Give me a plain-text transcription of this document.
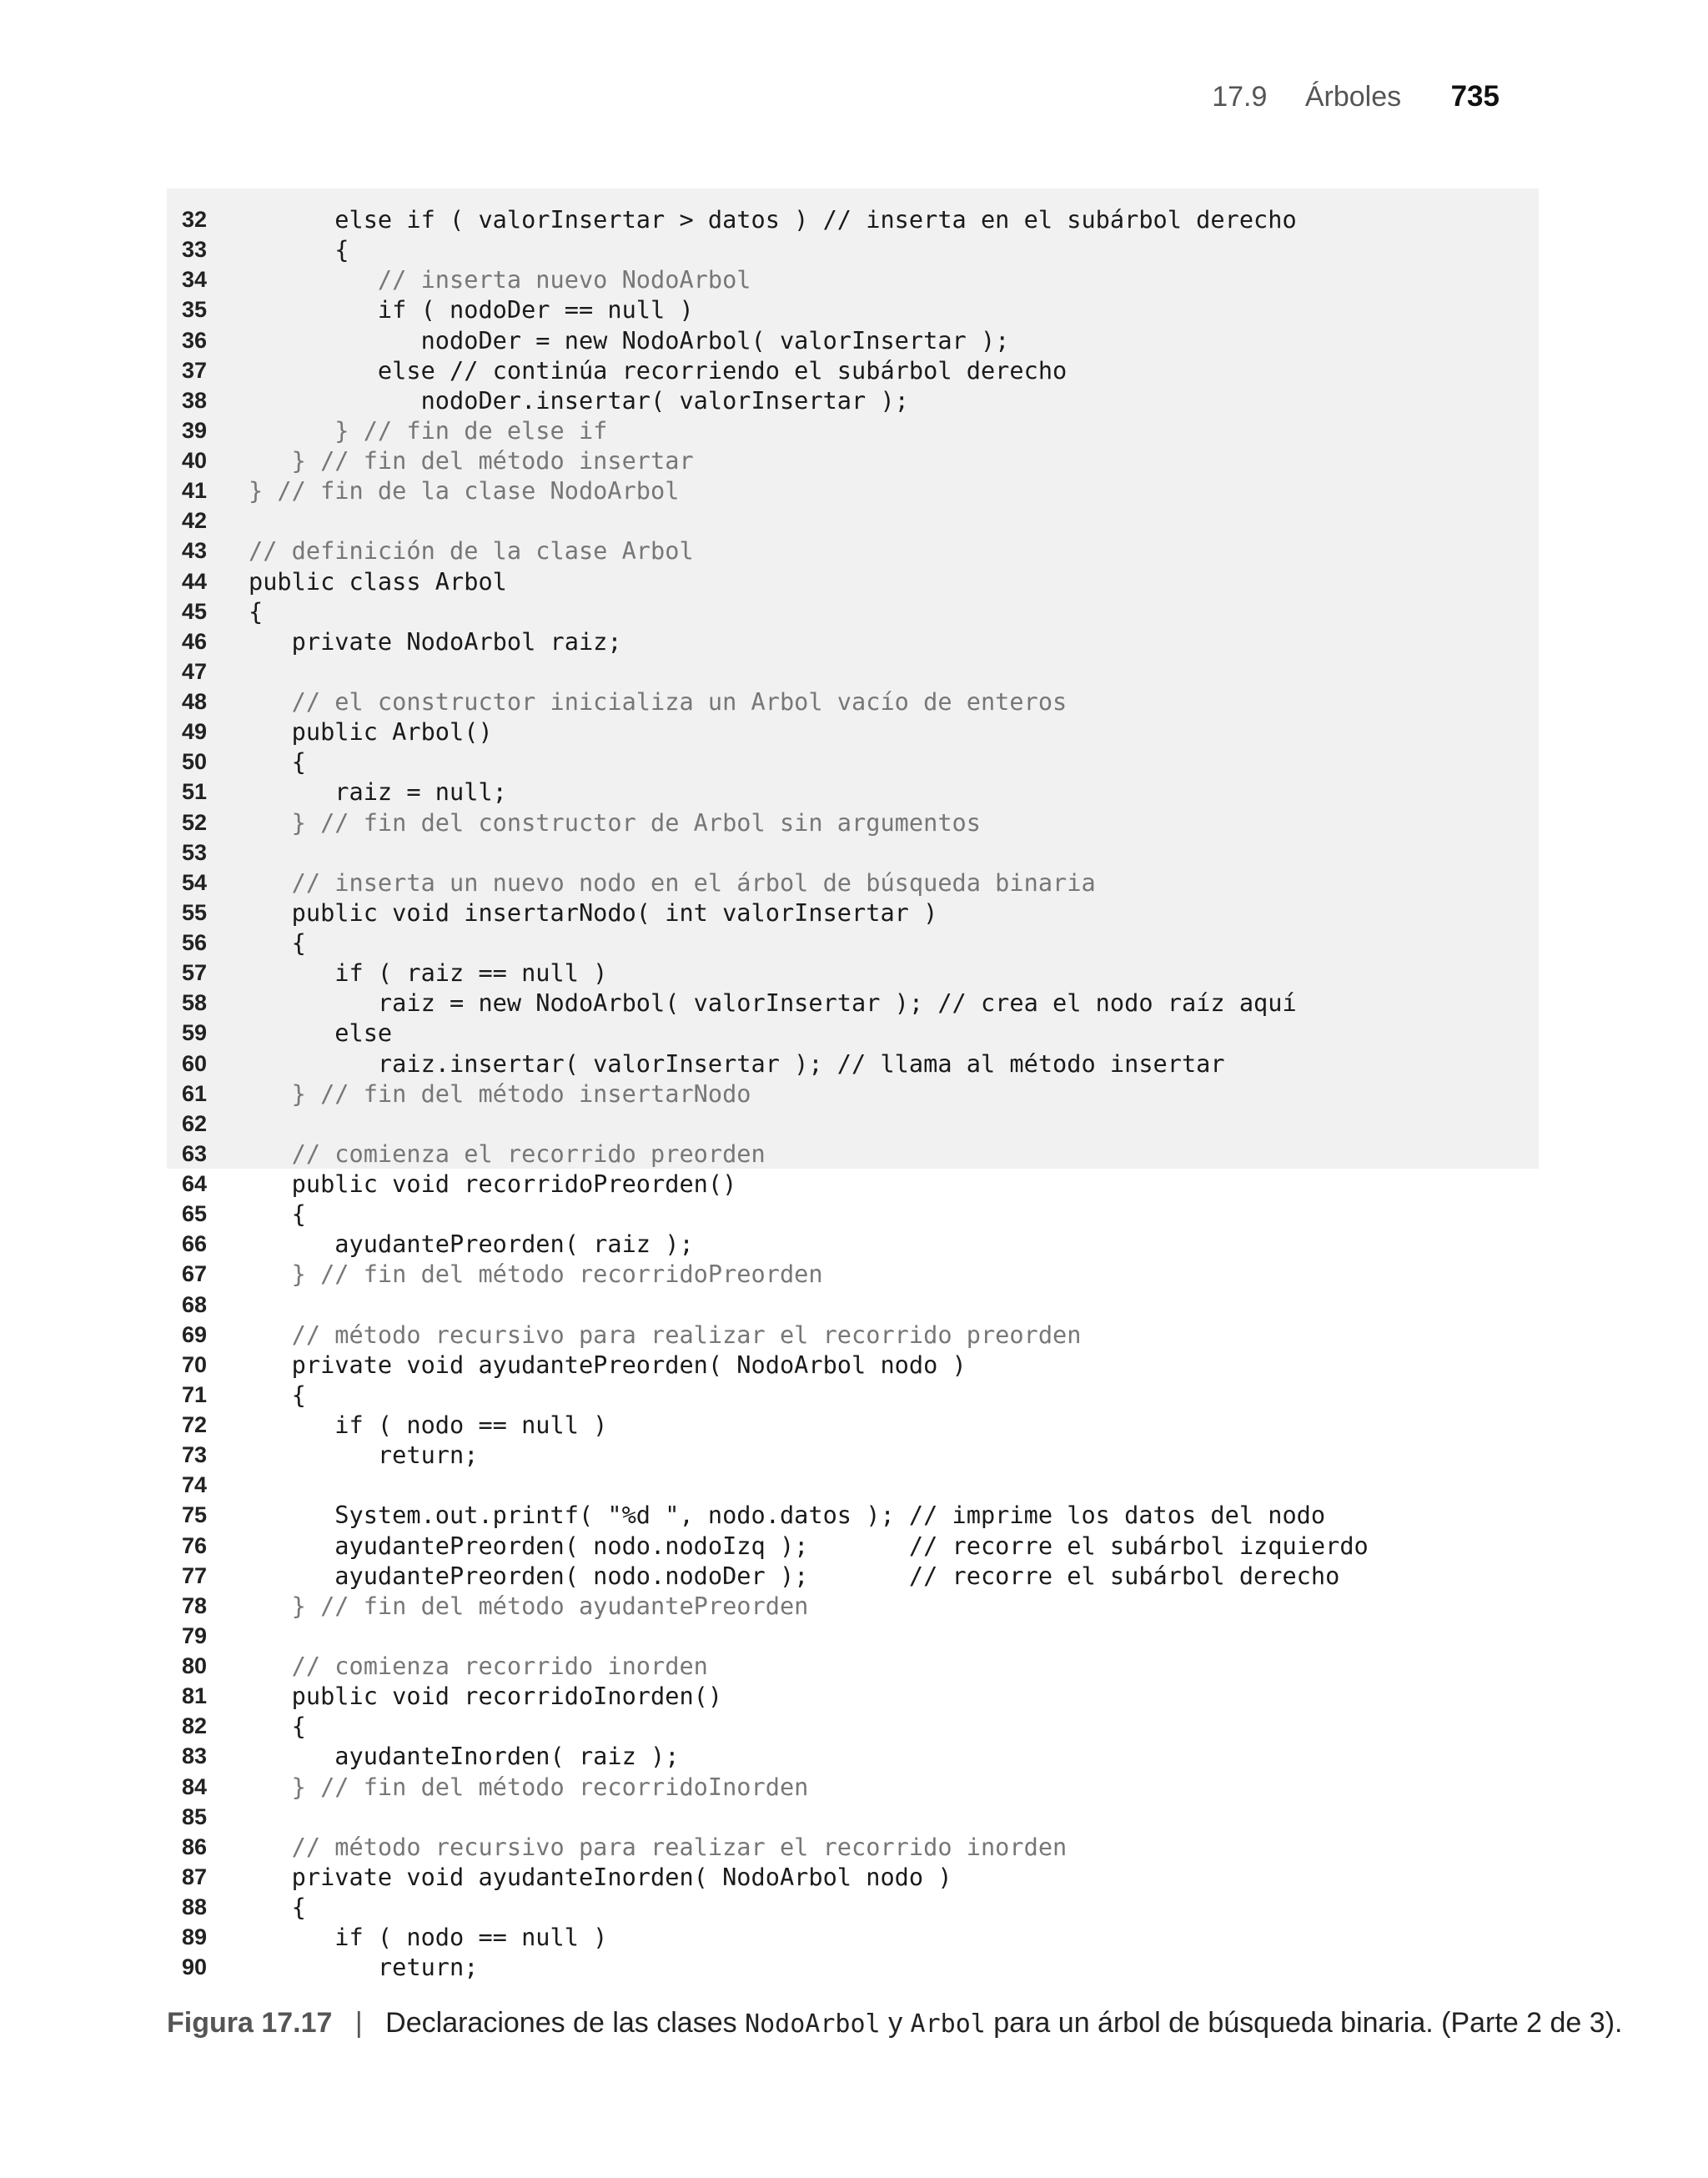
17.9 Árboles 735
32	else if ( valorInsertar > datos ) // inserta en el subárbol derecho
33	{
34	// inserta nuevo NodoArbol
35	if ( nodoDer == null )
36	nodoDer = new NodoArbol( valorInsertar );
37	else // continúa recorriendo el subárbol derecho
38	nodoDer.insertar( valorInsertar );
39	} // fin de else if
40	} // fin del método insertar
41	} // fin de la clase NodoArbol
42
43	// definición de la clase Arbol
44	public class Arbol
45	{
46	private NodoArbol raiz;
47
48	// el constructor inicializa un Arbol vacío de enteros
49	public Arbol()
50	{
51	raiz = null;
52	} // fin del constructor de Arbol sin argumentos
53
54	// inserta un nuevo nodo en el árbol de búsqueda binaria
55	public void insertarNodo( int valorInsertar )
56	{
57	if ( raiz == null )
58	raiz = new NodoArbol( valorInsertar ); // crea el nodo raíz aquí
59	else
60	raiz.insertar( valorInsertar ); // llama al método insertar
61	} // fin del método insertarNodo
62
63	// comienza el recorrido preorden
64	public void recorridoPreorden()
65	{
66	ayudantePreorden( raiz );
67	} // fin del método recorridoPreorden
68
69	// método recursivo para realizar el recorrido preorden
70	private void ayudantePreorden( NodoArbol nodo )
71	{
72	if ( nodo == null )
73	return;
74
75	System.out.printf( "%d ", nodo.datos ); // imprime los datos del nodo
76	ayudantePreorden( nodo.nodoIzq );       // recorre el subárbol izquierdo
77	ayudantePreorden( nodo.nodoDer );       // recorre el subárbol derecho
78	} // fin del método ayudantePreorden
79
80	// comienza recorrido inorden
81	public void recorridoInorden()
82	{
83	ayudanteInorden( raiz );
84	} // fin del método recorridoInorden
85
86	// método recursivo para realizar el recorrido inorden
87	private void ayudanteInorden( NodoArbol nodo )
88	{
89	if ( nodo == null )
90	return;
Figura 17.17 | Declaraciones de las clases NodoArbol y Arbol para un árbol de búsqueda binaria. (Parte 2 de 3).
